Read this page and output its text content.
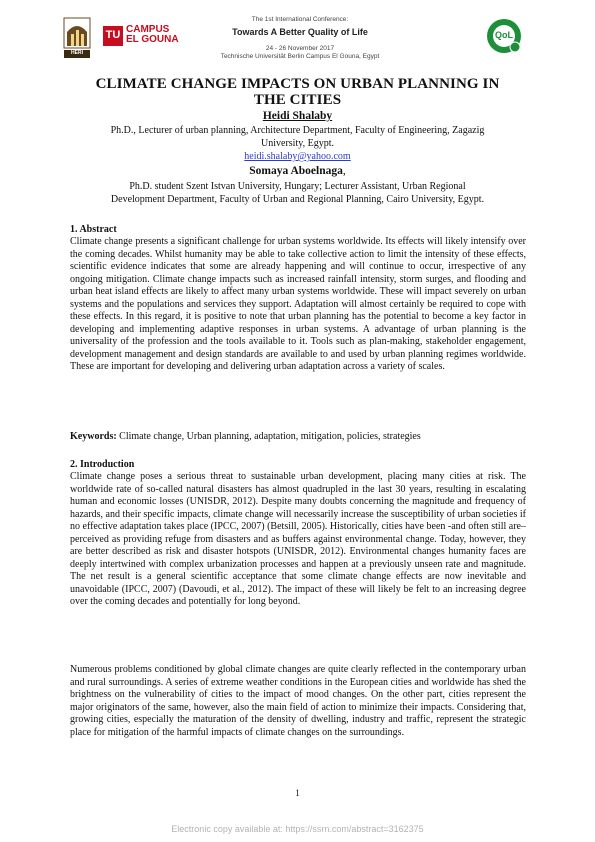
HERI
TU CAMPUS
EL GOUNA	QoL
The 1st International Conference:
Towards A Better Quality of Life
24 - 26 November 2017
Technische Universität Berlin Campus El Gouna, Egypt
CLIMATE CHANGE IMPACTS ON URBAN PLANNING IN
THE CITIES
Heidi Shalaby
Ph.D., Lecturer of urban planning, Architecture Department, Faculty of Engineering, Zagazig
University, Egypt.
heidi.shalaby@yahoo.com
Somaya Aboelnaga,
Ph.D. student Szent Istvan University, Hungary; Lecturer Assistant, Urban Regional
Development Department, Faculty of Urban and Regional Planning, Cairo University, Egypt.
1. Abstract
Climate change presents a significant challenge for urban systems worldwide. Its effects will likely intensify over the coming decades. Whilst humanity may be able to take collective action to limit the intensity of these effects, scientific evidence indicates that some are already happening and will continue to occur, irrespective of any ongoing mitigation. Climate change impacts such as increased rainfall intensity, storm surges, and flooding and urban heat island effects are likely to affect many urban systems worldwide. These will impact severely on urban systems and the populations and services they support. Adaptation will almost certainly be required to cope with these effects. In this regard, it is positive to note that urban planning has the potential to become a key factor in developing and implementing adaptive responses in urban systems. A advantage of urban planning is the universality of the profession and the tools available to it. Tools such as plan-making, stakeholder engagement, development management and design standards are available to and used by urban planning regimes worldwide. These are important for developing and delivering urban adaptation across a variety of scales.
Keywords: Climate change, Urban planning, adaptation, mitigation, policies, strategies
2. Introduction
Climate change poses a serious threat to sustainable urban development, placing many cities at risk. The worldwide rate of so-called natural disasters has almost quadrupled in the last 30 years, resulting in escalating human and economic losses (UNISDR, 2012). Despite many doubts concerning the magnitude and frequency of hazards, and their specific impacts, climate change will necessarily increase the susceptibility of urban societies if no effective adaptation takes place (IPCC, 2007) (Betsill, 2005). Historically, cities have been -and often still are– perceived as providing refuge from disasters and as buffers against environmental change. Today, however, they are better described as risk and disaster hotspots (UNISDR, 2012). Environmental changes humanity faces are deeply intertwined with complex urbanization processes and happen at a previously unseen rate and magnitude. The net result is a general scientific acceptance that some climate change effects are now inevitable and unavoidable (IPCC, 2007) (Davoudi, et al., 2012). The impact of these will likely be felt to an increasing degree over the coming decades and potentially for long beyond.
Numerous problems conditioned by global climate changes are quite clearly reflected in the contemporary urban and rural surroundings. A series of extreme weather conditions in the European cities and worldwide has shed the brightness on the vulnerability of cities to the impact of mood changes. On the other part, cities represent the major originators of the same, however, also the main field of action to minimize their impacts. Considering that, growing cities, especially the maturation of the density of dwelling, industry and traffic, represent the strategic place for mitigation of the harmful impacts of climate changes on the surroundings.
1
Electronic copy available at: https://ssrn.com/abstract=3162375
